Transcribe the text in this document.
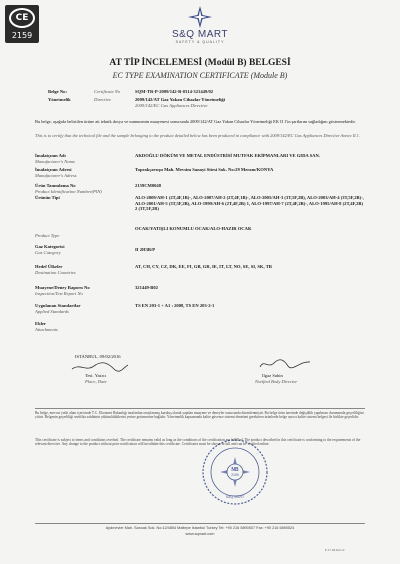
CE
2159	S&Q MART
SAFETY & QUALITY
AT TİP İNCELEMESİ (Modül B) BELGESİ
EC TYPE EXAMINATION CERTIFICATE (Module B)
Belge No:	Certificate No	SQM-TR-P-2009/142-B-0314-321449/02
Yönetmelik	Directive	2009/142/AT Gaz Yakan Cihazlar Yönetmeliği
2009/142/EC Gas Appliances Directive
Bu belge, aşağıda belirtilen ürüne ait teknik dosya ve numunenin muayenesi sonucunda 2009/142/AT Gaz Yakan Cihazlar Yönetmeliği EK II 1'in şartlarını sağladığını göstermektedir.
This is to certify that the technical file and the sample belonging to the product detailed below has been produced in compliance with 2009/142/EC Gas Appliances Directive Annex II.1.
İmalatçının Adı
Manufacturer's Name
AKDOĞLU DÖKÜM VE METAL ENDÜSTRİSİ MUTFAK EKİPMANLARI VE GIDA SAN.
İmalatçının Adresi
Manufacturer's Adress
Toprakçavuşu Mah. Mevsim Sanayi Sitesi Sok. No:29 Meram/KONYA
Ürün Tanımlama No
Product Identification Number(PIN)
2159CM0048
Ürünün Tipi	ALO-2009/AH-1 (2T,4F,1B)-, ALO-2007/AH-2 (2T,4F,1B)-, ALO-2005/AH-3 (3T,5F,2B), ALO-2003/AH-4 (3T,5F,2B)-, ALO-2001/AH-5 (3T,5F,2B), ALO-1999/AH-6 (2T,4F,2B) 1, ALO-1997/AH-7 (2T,4F,2B)-, ALO-1995/AH-8 (2T,4F,2B) 2 (3T,5F,2B)
Product Type
OCAK/YATIŞLI KONUMLU OCAK/ALO-HAZIR OCAK
Gaz Kategorisi
Gas Category
II 2H3B/P
Hedef Ülkeler
Destination Countries
AT, CH, CY, CZ, DK, EE, FI, GB, GR, IE, IT, LT, NO, SE, SI, SK, TR
Muayene/Deney Raporu No
Inspection/Test Report No
321449-B02
Uygulanan Standartlar
Applied Standards
TS EN 203-1 + A1 : 2008, TS EN 203-2-1
Ekler
Attachments
ISTANBUL, 09/02/2016
Test. Yazıcı
Place, Date
NB
2159
S&Q MART
Ilgaz Sahin
Notified Body Director
Bu belge, mevcut yetki alanı içerisinde T.C. Ekonomi Bakanlığı tarafından onaylanmış kuruluş olarak yapılan muayene ve deneyler sonucunda düzenlenmiştir. Bu belge ürün üzerinde değişiklik yapılması durumunda geçerliliğini yitirir. Belgenin geçerliliği sertifika sahibinin yükümlülüklerini yerine getirmesine bağlıdır. Yönetmelik kapsamında kalite güvence sistemi denetimi gerektiren ürünlerde belge ayrıca kalite sistemi belgesi ile birlikte geçerlidir.
This certificate is subject to terms and conditions overleaf. The certificate remains valid as long as the conditions of the certification are fulfilled. The product described in this certificate is conforming to the requirements of the relevant directive. Any change to the product without prior notification will invalidate this certificate. Certificates must be shown in full and can be verified online.
Aydınevler Mah. Sancak Sok. No:12/4854 Maltepe İstanbul Turkey Tel: +90 216 5890507 Fax: +90 216 5890524
www.sqmart.com
F.17.04 Rev.0
